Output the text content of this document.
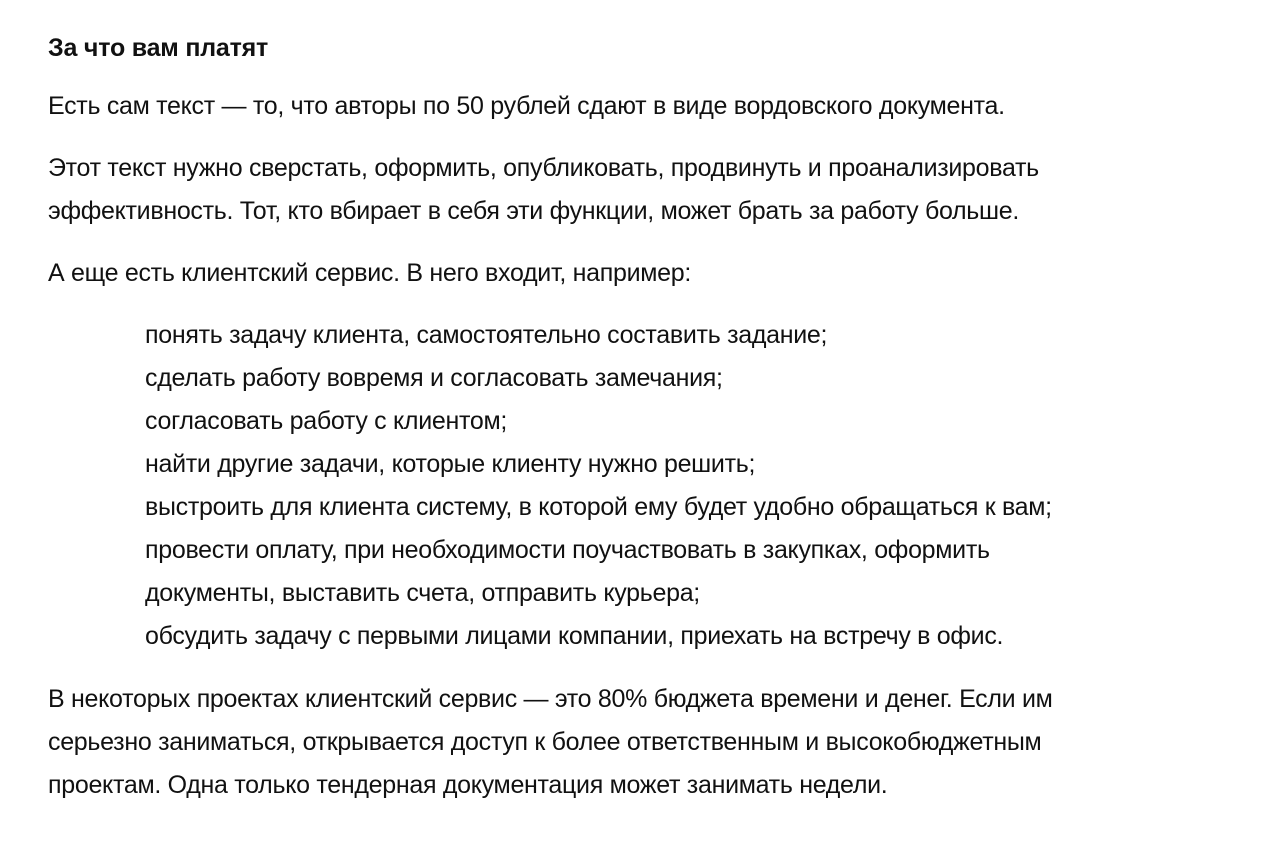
За что вам платят

Есть сам текст — то, что авторы по 50 рублей сдают в виде вордовского документа.

Этот текст нужно сверстать, оформить, опубликовать, продвинуть и проанализировать
эффективность. Тот, кто вбирает в себя эти функции, может брать за работу больше.

А еще есть клиентский сервис. В него входит, например:

понять задачу клиента, самостоятельно составить задание;
сделать работу вовремя и согласовать замечания;
согласовать работу с клиентом;
найти другие задачи, которые клиенту нужно решить;
выстроить для клиента систему, в которой ему будет удобно обращаться к вам;
провести оплату, при необходимости поучаствовать в закупках, оформить
документы, выставить счета, отправить курьера;
обсудить задачу с первыми лицами компании, приехать на встречу в офис.

В некоторых проектах клиентский сервис — это 80% бюджета времени и денег. Если им
серьезно заниматься, открывается доступ к более ответственным и высокобюджетным
проектам. Одна только тендерная документация может занимать недели.
